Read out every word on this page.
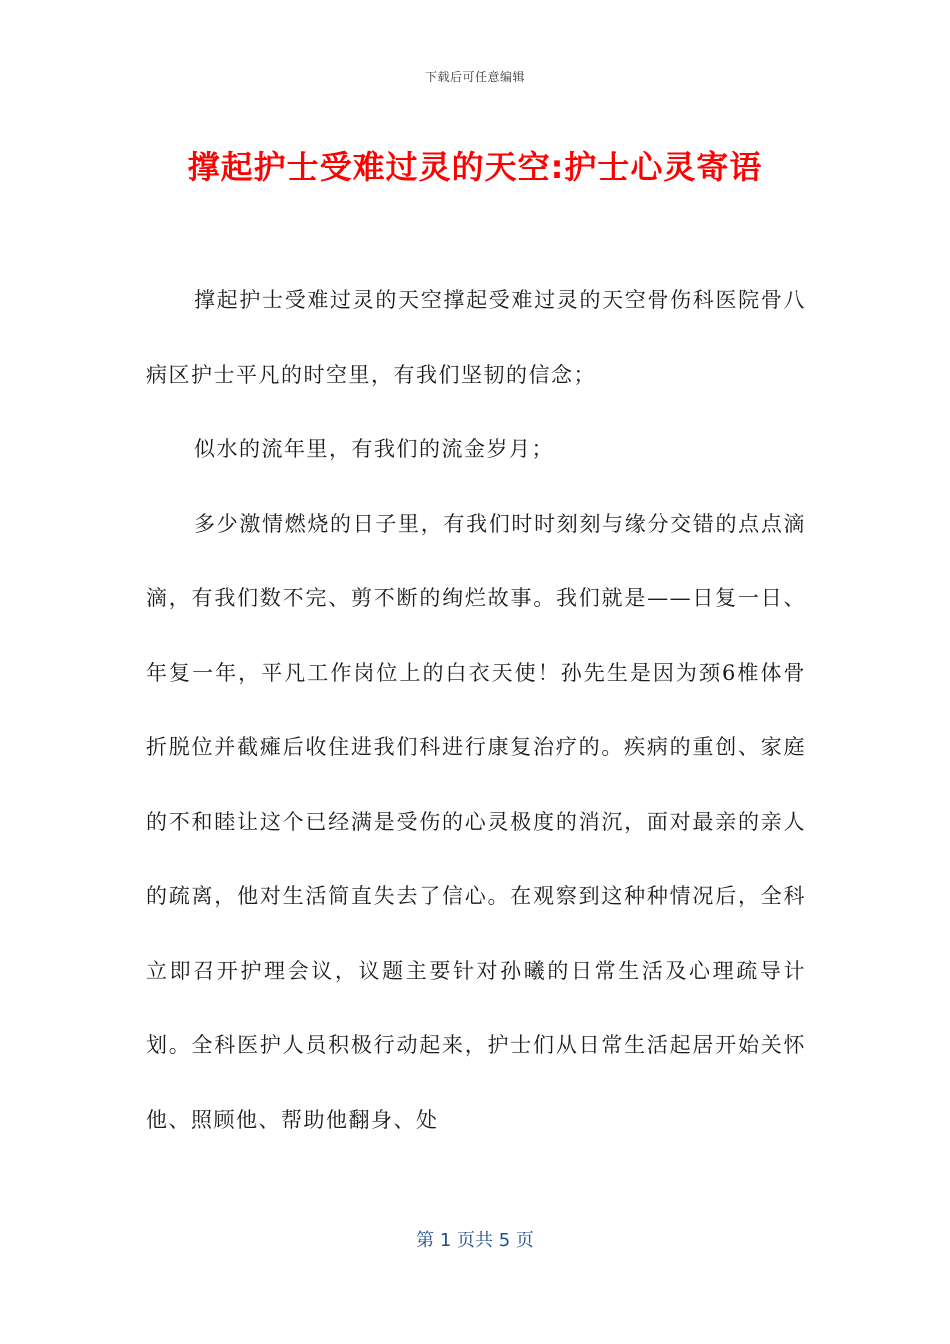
下载后可任意编辑
撑起护士受难过灵的天空:护士心灵寄语

撑起护士受难过灵的天空撑起受难过灵的天空骨伤科医院骨八病区护士平凡的时空里，有我们坚韧的信念；

似水的流年里，有我们的流金岁月；

多少激情燃烧的日子里，有我们时时刻刻与缘分交错的点点滴滴，有我们数不完、剪不断的绚烂故事。我们就是——日复一日、年复一年，平凡工作岗位上的白衣天使！孙先生是因为颈6椎体骨折脱位并截瘫后收住进我们科进行康复治疗的。疾病的重创、家庭的不和睦让这个已经满是受伤的心灵极度的消沉，面对最亲的亲人的疏离，他对生活简直失去了信心。在观察到这种种情况后，全科立即召开护理会议，议题主要针对孙曦的日常生活及心理疏导计划。全科医护人员积极行动起来，护士们从日常生活起居开始关怀他、照顾他、帮助他翻身、处

第 1 页共 5 页
